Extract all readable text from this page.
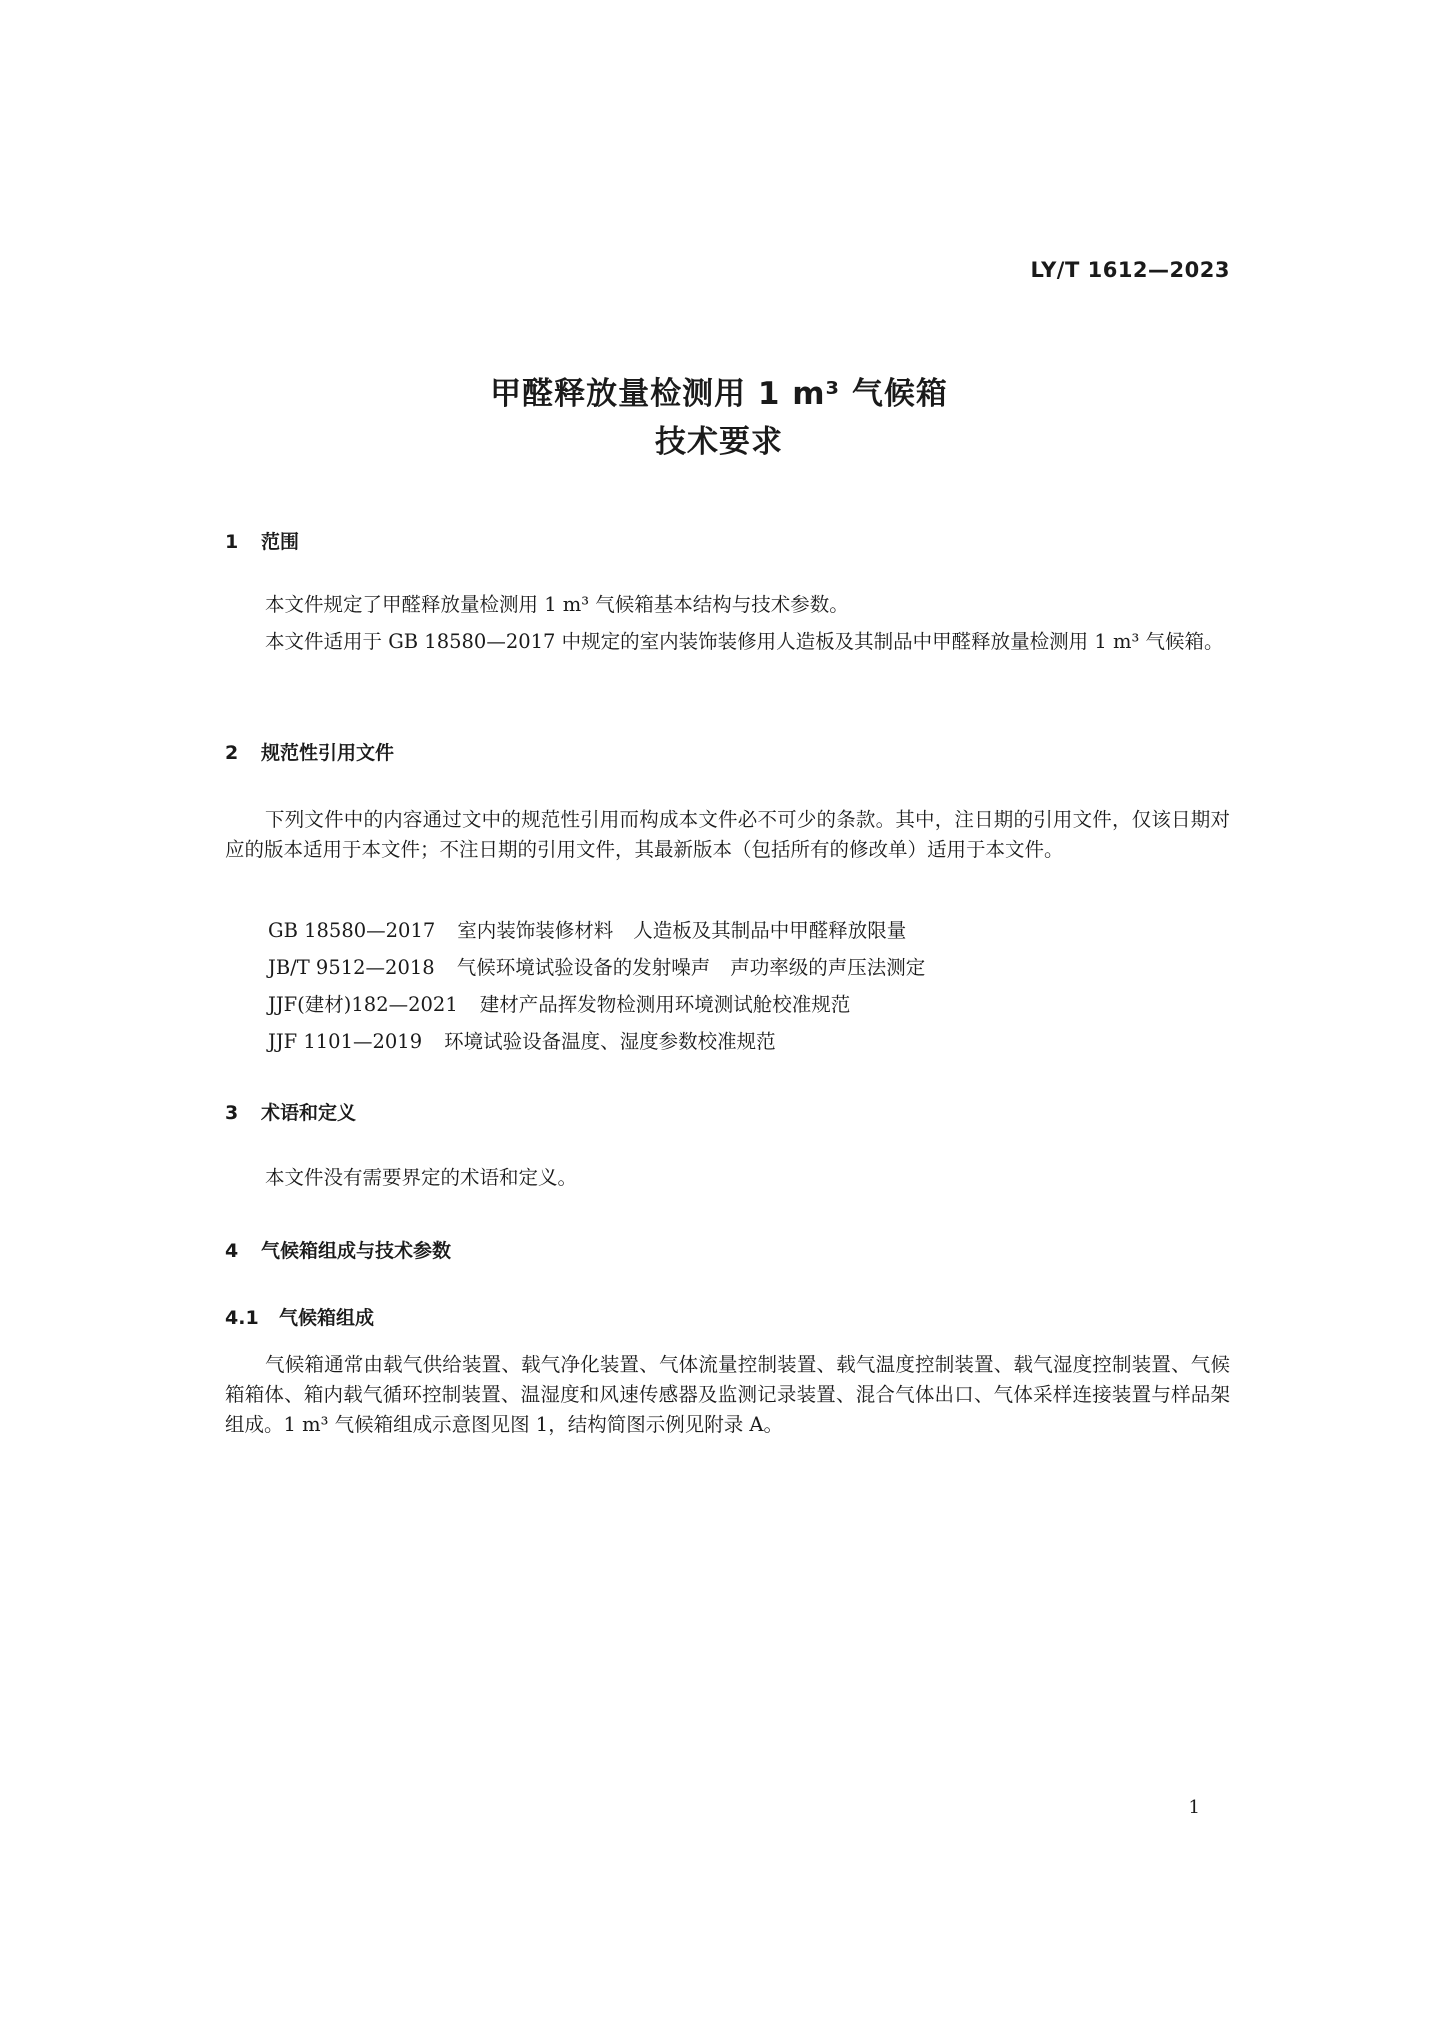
LY/T 1612—2023
甲醛释放量检测用 1 m³ 气候箱
技术要求
1 范围

本文件规定了甲醛释放量检测用 1 m³ 气候箱基本结构与技术参数。

本文件适用于 GB 18580—2017 中规定的室内装饰装修用人造板及其制品中甲醛释放量检测用 1 m³ 气候箱。

2 规范性引用文件

下列文件中的内容通过文中的规范性引用而构成本文件必不可少的条款。其中，注日期的引用文件，仅该日期对应的版本适用于本文件；不注日期的引用文件，其最新版本（包括所有的修改单）适用于本文件。

GB 18580—2017 室内装饰装修材料 人造板及其制品中甲醛释放限量
JB/T 9512—2018 气候环境试验设备的发射噪声 声功率级的声压法测定
JJF(建材)182—2021 建材产品挥发物检测用环境测试舱校准规范
JJF 1101—2019 环境试验设备温度、湿度参数校准规范
3 术语和定义

本文件没有需要界定的术语和定义。

4 气候箱组成与技术参数
4.1 气候箱组成

气候箱通常由载气供给装置、载气净化装置、气体流量控制装置、载气温度控制装置、载气湿度控制装置、气候箱箱体、箱内载气循环控制装置、温湿度和风速传感器及监测记录装置、混合气体出口、气体采样连接装置与样品架组成。1 m³ 气候箱组成示意图见图 1，结构简图示例见附录 A。

1
